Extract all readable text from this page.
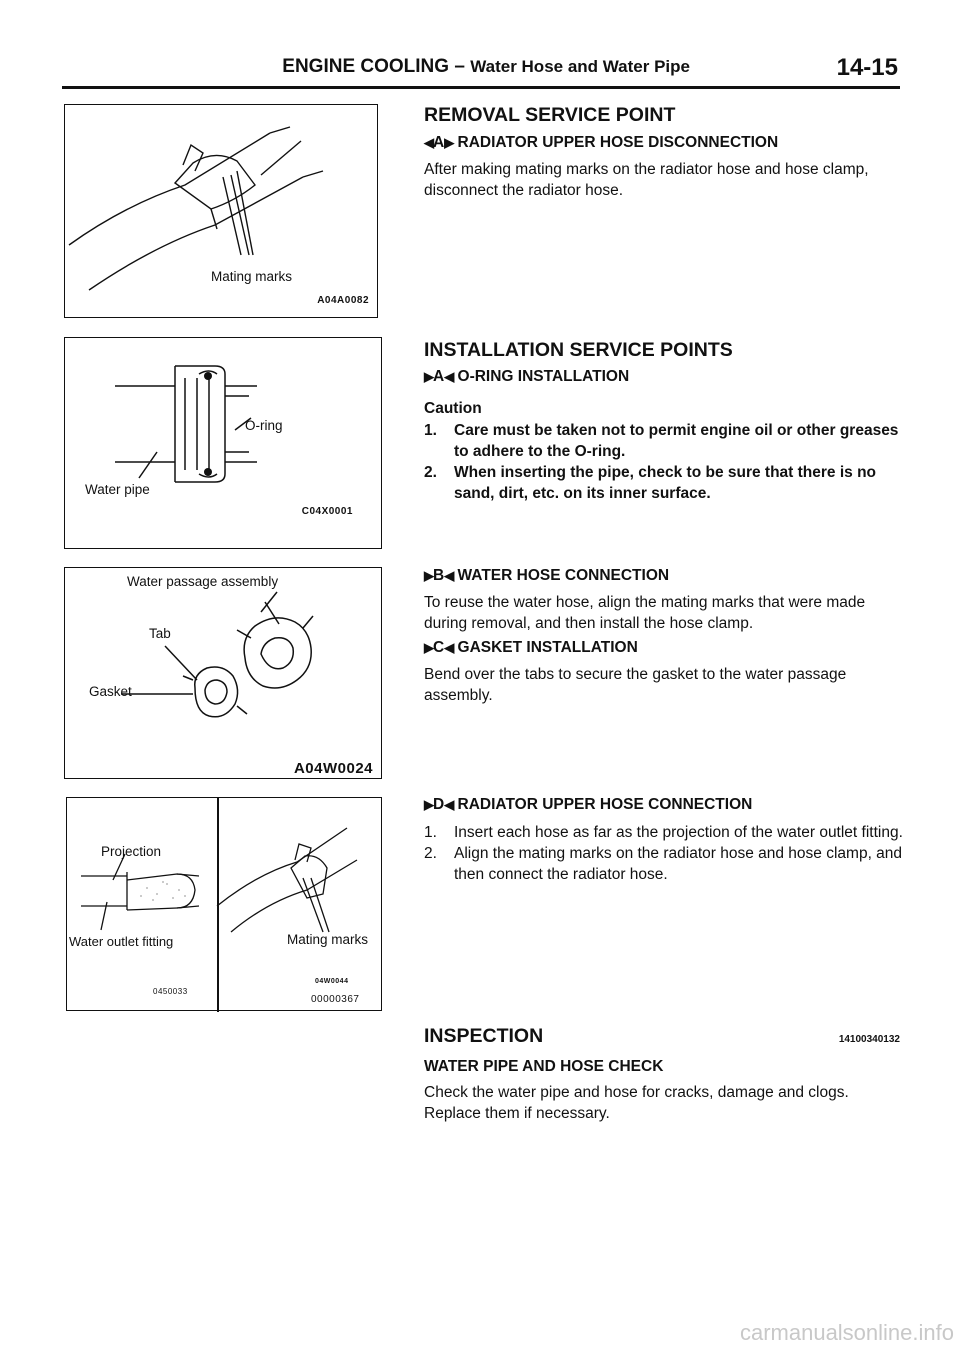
ENGINE COOLING – Water Hose and Water Pipe	14-15
Mating marks
A04A0082
O-ring
Water pipe
C04X0001
Water passage assembly
Tab
Gasket
A04W0024
Projection
Water outlet fitting	Mating marks
0450033
04W0044
00000367
REMOVAL SERVICE POINT
◀A▶ RADIATOR UPPER HOSE DISCONNECTION
After making mating marks on the radiator hose and hose clamp, disconnect the radiator hose.
INSTALLATION SERVICE POINTS
▶A◀ O-RING INSTALLATION
Caution
1. Care must be taken not to permit engine oil or other greases to adhere to the O-ring.
2. When inserting the pipe, check to be sure that there is no sand, dirt, etc. on its inner surface.
▶B◀ WATER HOSE CONNECTION
To reuse the water hose, align the mating marks that were made during removal, and then install the hose clamp.
▶C◀ GASKET INSTALLATION
Bend over the tabs to secure the gasket to the water passage assembly.
▶D◀ RADIATOR UPPER HOSE CONNECTION
1. Insert each hose as far as the projection of the water outlet fitting.
2. Align the mating marks on the radiator hose and hose clamp, and then connect the radiator hose.
INSPECTION	14100340132
WATER PIPE AND HOSE CHECK
Check the water pipe and hose for cracks, damage and clogs. Replace them if necessary.
carmanualsonline.info
